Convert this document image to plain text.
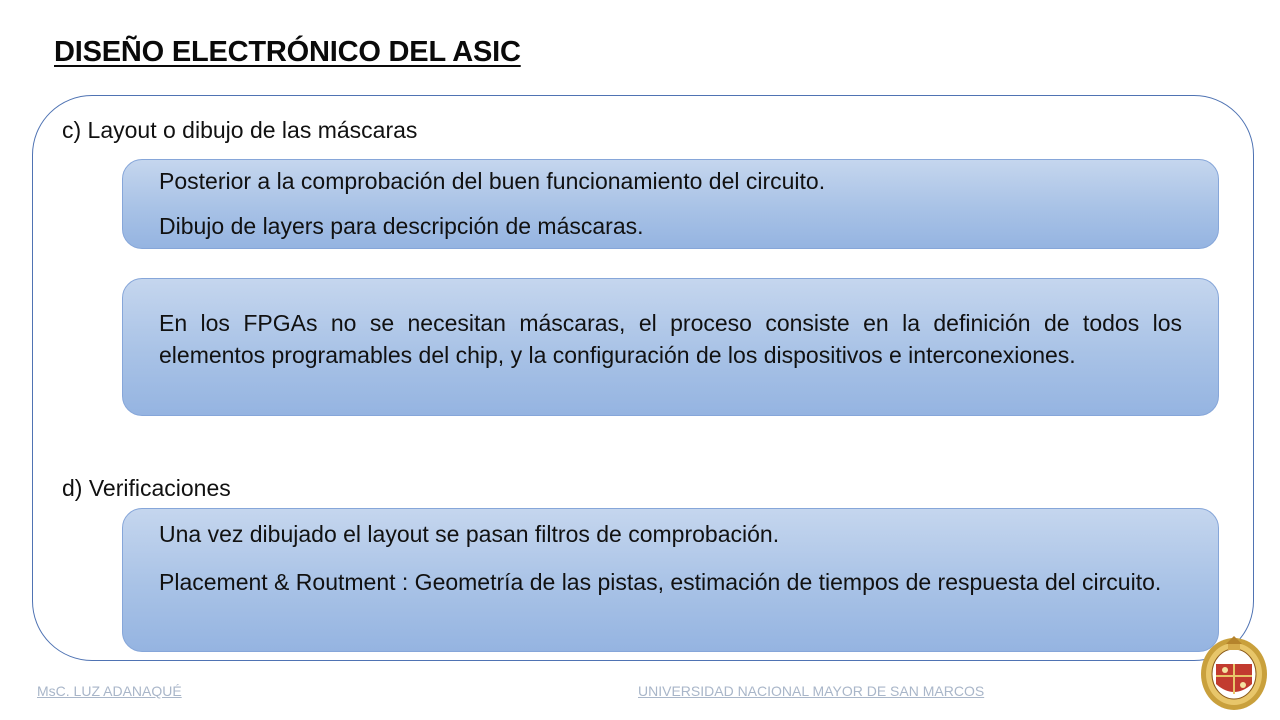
DISEÑO ELECTRÓNICO DEL ASIC
c) Layout o dibujo de las máscaras

Posterior a la comprobación del buen funcionamiento del circuito.

Dibujo de layers para descripción de máscaras.

En los FPGAs no se necesitan máscaras, el proceso consiste en la definición de todos los elementos programables del chip, y la configuración de los dispositivos e interconexiones.

d) Verificaciones

Una vez dibujado el layout se pasan filtros de comprobación.

Placement & Routment : Geometría de las pistas, estimación de tiempos de respuesta del circuito.

MsC. LUZ ADANAQUÉ	UNIVERSIDAD NACIONAL MAYOR DE SAN MARCOS
